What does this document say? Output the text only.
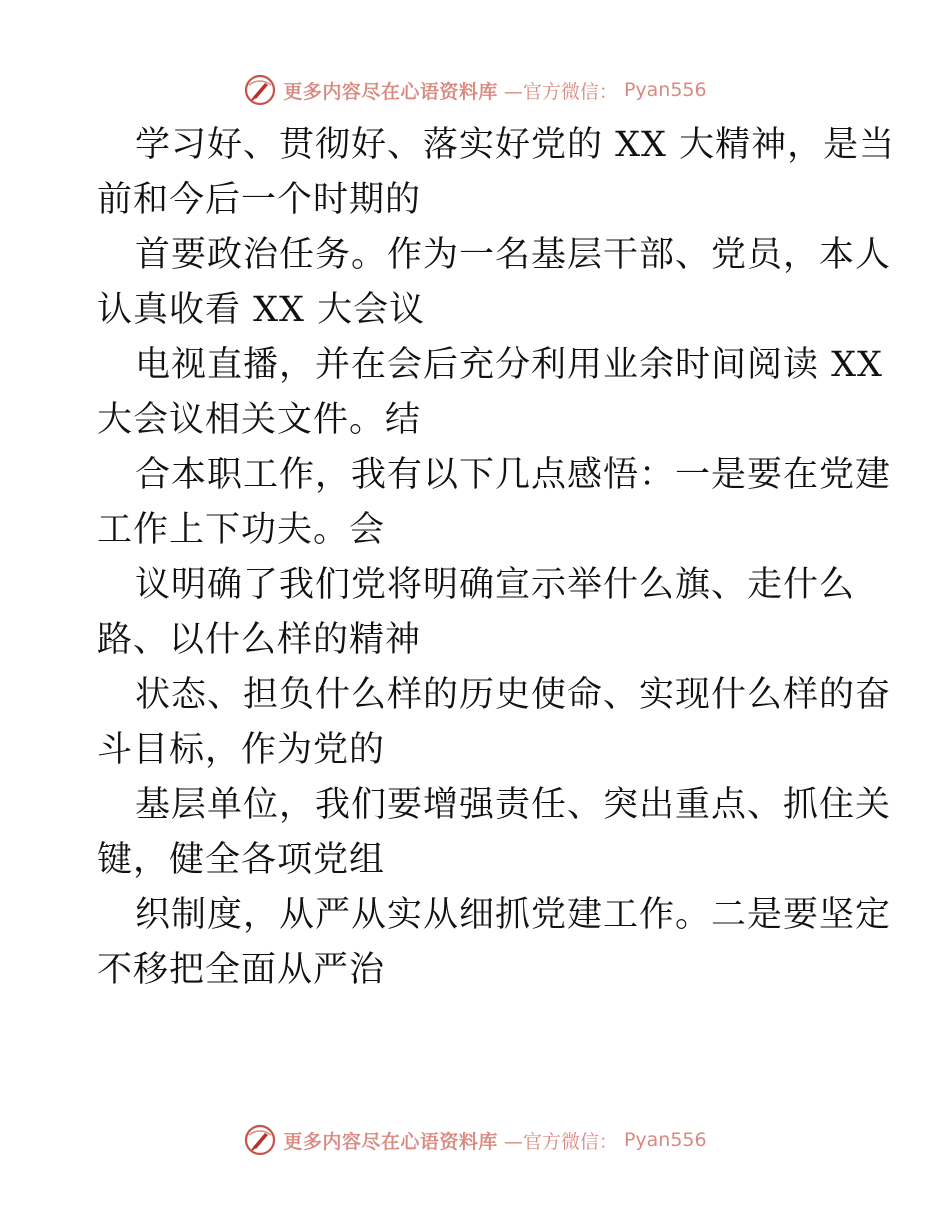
更多内容尽在心语资料库 —官方微信： Pyan556
学习好、贯彻好、落实好党的 XX 大精神，是当
前和今后一个时期的
首要政治任务。作为一名基层干部、党员，本人
认真收看 XX 大会议
电视直播，并在会后充分利用业余时间阅读 XX
大会议相关文件。结
合本职工作，我有以下几点感悟：一是要在党建
工作上下功夫。会
议明确了我们党将明确宣示举什么旗、走什么
路、以什么样的精神
状态、担负什么样的历史使命、实现什么样的奋
斗目标，作为党的
基层单位，我们要增强责任、突出重点、抓住关
键，健全各项党组
织制度，从严从实从细抓党建工作。二是要坚定
不移把全面从严治
更多内容尽在心语资料库 —官方微信： Pyan556
